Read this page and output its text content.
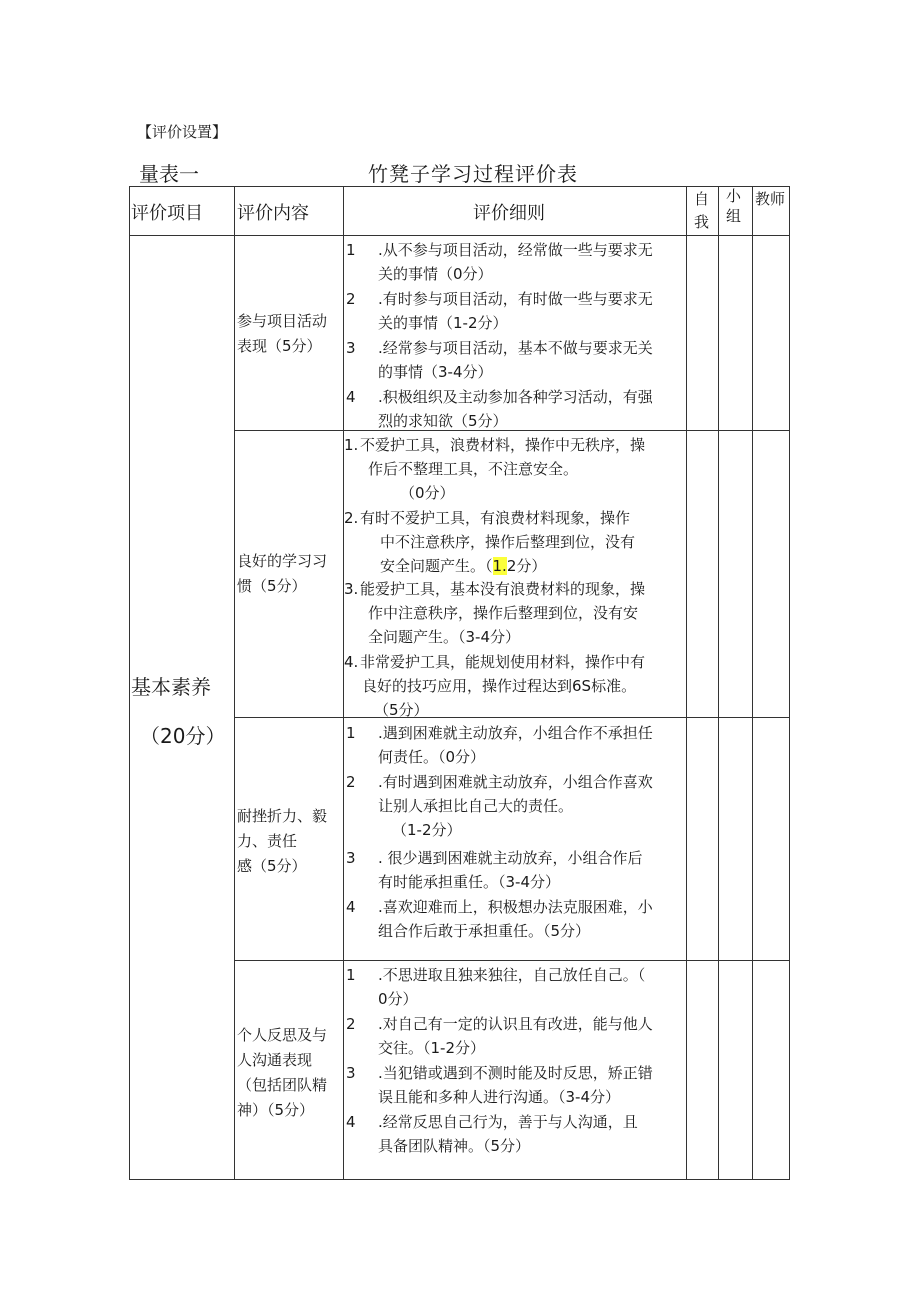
【评价设置】
量表一	竹凳子学习过程评价表
评价项目 评价内容	评价细则
自
我
小
组
教师
基本素养
（20分）
参与项目活动
表现（5分）
1 .从不参与项目活动，经常做一些与要求无
关的事情（0分）
2 .有时参与项目活动，有时做一些与要求无
关的事情（1-2分）
3 .经常参与项目活动，基本不做与要求无关
的事情（3-4分）
4 .积极组织及主动参加各种学习活动，有强
烈的求知欲（5分）
良好的学习习
惯（5分）
1. 不爱护工具，浪费材料，操作中无秩序，操
作后不整理工具，不注意安全。
（0分）
2. 有时不爱护工具，有浪费材料现象，操作
中不注意秩序，操作后整理到位，没有
安全问题产生。（1.2分）
3. 能爱护工具，基本没有浪费材料的现象，操
作中注意秩序，操作后整理到位，没有安
全问题产生。（3-4分）
4. 非常爱护工具，能规划使用材料，操作中有
良好的技巧应用，操作过程达到6S标准。
（5分）
耐挫折力、毅
力、责任
感（5分）
1 .遇到困难就主动放弃，小组合作不承担任
何责任。（0分）
2 .有时遇到困难就主动放弃，小组合作喜欢
让别人承担比自己大的责任。
（1-2分）
3 . 很少遇到困难就主动放弃，小组合作后
有时能承担重任。（3-4分）
4 .喜欢迎难而上，积极想办法克服困难，小
组合作后敢于承担重任。（5分）
个人反思及与
人沟通表现
（包括团队精
神）（5分）
1 .不思进取且独来独往，自己放任自己。（
0分）
2 .对自己有一定的认识且有改进，能与他人
交往。（1-2分）
3 .当犯错或遇到不测时能及时反思，矫正错
误且能和多种人进行沟通。（3-4分）
4 .经常反思自己行为，善于与人沟通，且
具备团队精神。（5分）
